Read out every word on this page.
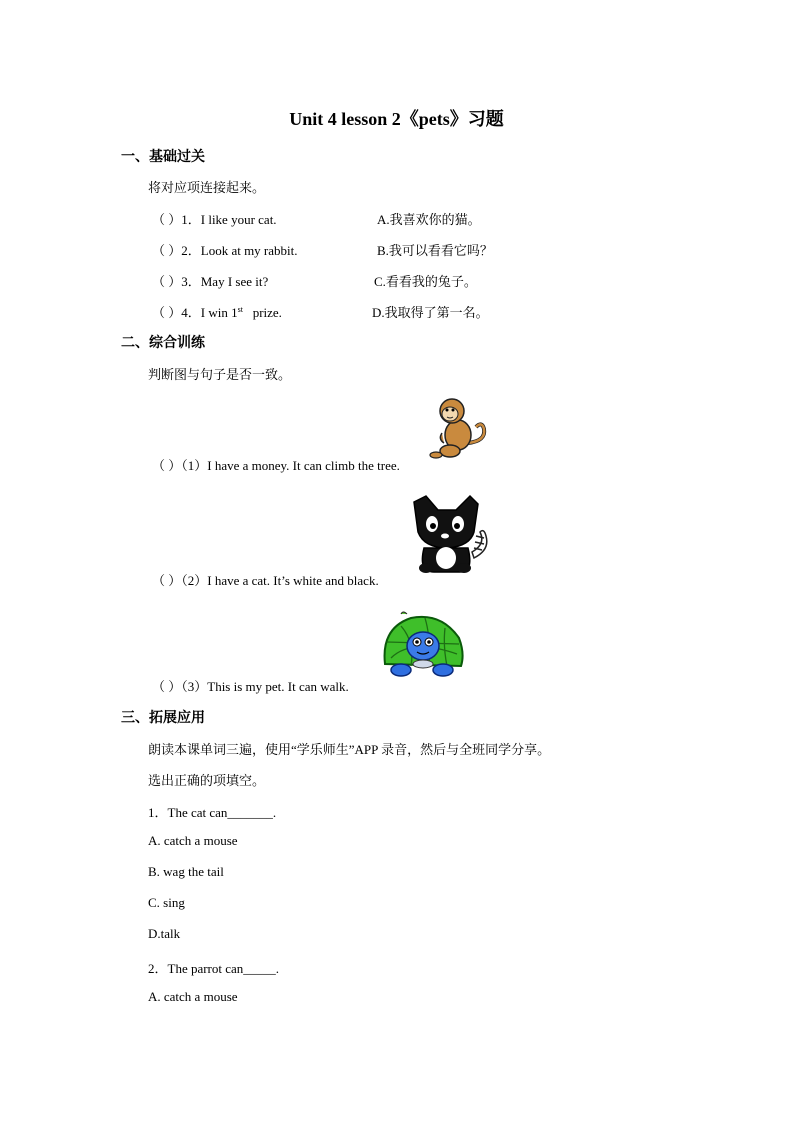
Unit 4 lesson 2《pets》习题
一、基础过关
将对应项连接起来。
（ ）1．I like your cat.	A.我喜欢你的猫。
（ ）2．Look at my rabbit.	B.我可以看看它吗？
（ ）3．May I see it?	C.看看我的兔子。
（ ）4．I win 1st prize.	D.我取得了第一名。
二、综合训练
判断图与句子是否一致。
（ ）（1）I have a money. It can climb the tree.
（ ）（2）I have a cat. It’s white and black.
（ ）（3）This is my pet. It can walk.
三、拓展应用
朗读本课单词三遍，使用“学乐师生”APP 录音，然后与全班同学分享。
选出正确的项填空。
1．The cat can_______.
A. catch a mouse
B. wag the tail
C. sing
D.talk
2．The parrot can_____.
A. catch a mouse
